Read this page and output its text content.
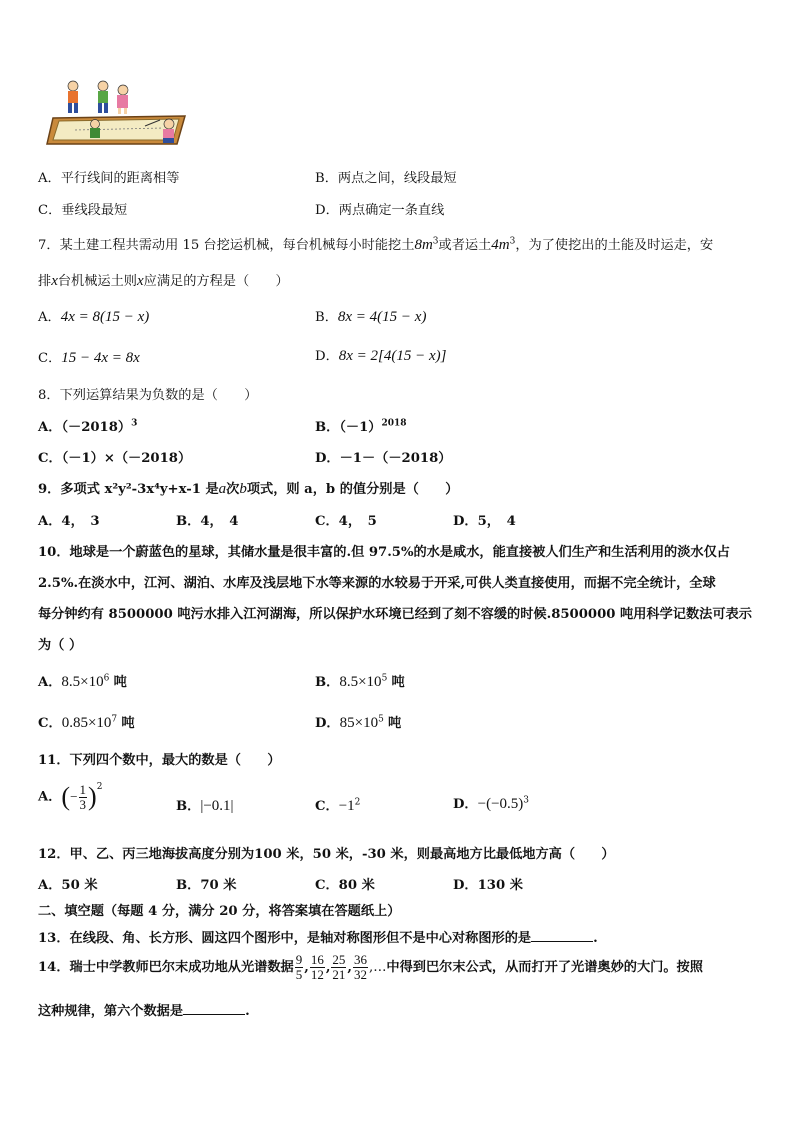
A．平行线间的距离相等	B．两点之间，线段最短
C．垂线段最短	D．两点确定一条直线
7．某土建工程共需动用 15 台挖运机械，每台机械每小时能挖土$8m^3$或者运土$4m^3$，为了使挖出的土能及时运走，安
排x台机械运土则x应满足的方程是（　　）
A．4x = 8(15 − x)	B．8x = 4(15 − x)
C．15 − 4x = 8x	D．8x = 2[4(15 − x)]
8．下列运算结果为负数的是（　　）
A．$(-2018)^3$	B．$(-1)^{2018}$
C．（－1）×（－2018）	D．－1－（－2018）
9．多项式 x²y²-3x⁴y+x-1 是a次b项式，则 a，b 的值分别是（　　）
A．4，　3	B．4，　4	C．4，　5	D．5，　4
10．地球是一个蔚蓝色的星球，其储水量是很丰富的.但 97.5%的水是咸水，能直接被人们生产和生活利用的淡水仅占
2.5%.在淡水中，江河、湖泊、水库及浅层地下水等来源的水较易于开采,可供人类直接使用，而据不完全统计，全球
每分钟约有 8500000 吨污水排入江河湖海，所以保护水环境已经到了刻不容缓的时候.8500000 吨用科学记数法可表示
为（ ）
A．$8.5\times 10^6$ 吨	B．$8.5\times 10^5$ 吨
C．$0.85\times 10^7$ 吨	D．$85\times 10^5$ 吨
11．下列四个数中，最大的数是（　　）
A．(− $\frac{1}{3} )^2$
B．|−0.1|	C．$-1^2$	D．$-(-0.5)^3$
12．甲、乙、丙三地海拔高度分别为100 米，50 米，-30 米，则最高地方比最低地方高（　　）
A．50 米	B．70 米	C．80 米	D．130 米
二、填空题（每题 4 分，满分 20 分，将答案填在答题纸上）
13．在线段、角、长方形、圆这四个图形中，是轴对称图形但不是中心对称图形的是	.
14．瑞士中学教师巴尔末成功地从光谱数据 $\frac{9}{5}$ , $\frac{16}{12}$ , $\frac{25}{21}$ , $\frac{36}{32}$ ,…中得到巴尔末公式，从而打开了光谱奥妙的大门。按照
这种规律，第六个数据是	.
